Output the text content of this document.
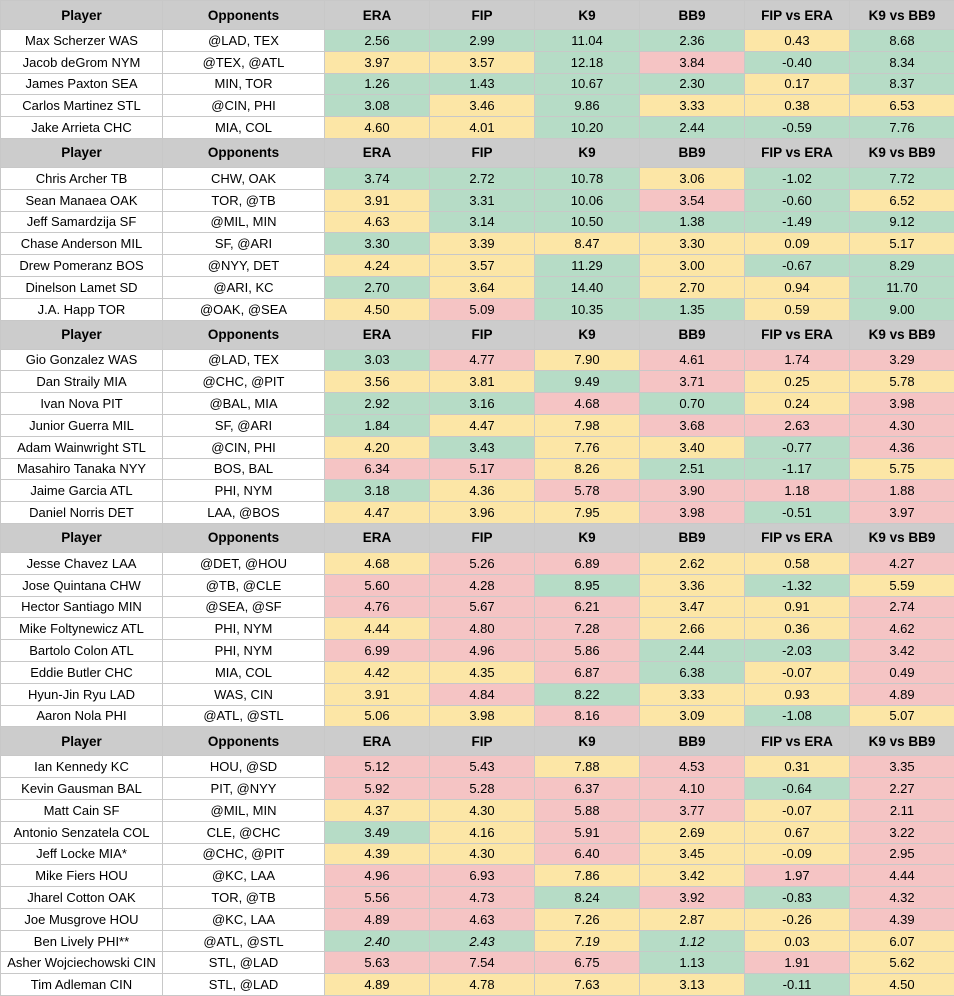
Player	Opponents	ERA	FIP	K9	BB9	FIP vs ERA	K9 vs BB9
Max Scherzer WAS	@LAD, TEX	2.56	2.99	11.04	2.36	0.43	8.68
Jacob deGrom NYM	@TEX, @ATL	3.97	3.57	12.18	3.84	-0.40	8.34
James Paxton SEA	MIN, TOR	1.26	1.43	10.67	2.30	0.17	8.37
Carlos Martinez STL	@CIN, PHI	3.08	3.46	9.86	3.33	0.38	6.53
Jake Arrieta CHC	MIA, COL	4.60	4.01	10.20	2.44	-0.59	7.76
Player	Opponents	ERA	FIP	K9	BB9	FIP vs ERA	K9 vs BB9
Chris Archer TB	CHW, OAK	3.74	2.72	10.78	3.06	-1.02	7.72
Sean Manaea OAK	TOR, @TB	3.91	3.31	10.06	3.54	-0.60	6.52
Jeff Samardzija SF	@MIL, MIN	4.63	3.14	10.50	1.38	-1.49	9.12
Chase Anderson MIL	SF, @ARI	3.30	3.39	8.47	3.30	0.09	5.17
Drew Pomeranz BOS	@NYY, DET	4.24	3.57	11.29	3.00	-0.67	8.29
Dinelson Lamet SD	@ARI, KC	2.70	3.64	14.40	2.70	0.94	11.70
J.A. Happ TOR	@OAK, @SEA	4.50	5.09	10.35	1.35	0.59	9.00
Player	Opponents	ERA	FIP	K9	BB9	FIP vs ERA	K9 vs BB9
Gio Gonzalez WAS	@LAD, TEX	3.03	4.77	7.90	4.61	1.74	3.29
Dan Straily MIA	@CHC, @PIT	3.56	3.81	9.49	3.71	0.25	5.78
Ivan Nova PIT	@BAL, MIA	2.92	3.16	4.68	0.70	0.24	3.98
Junior Guerra MIL	SF, @ARI	1.84	4.47	7.98	3.68	2.63	4.30
Adam Wainwright STL	@CIN, PHI	4.20	3.43	7.76	3.40	-0.77	4.36
Masahiro Tanaka NYY	BOS, BAL	6.34	5.17	8.26	2.51	-1.17	5.75
Jaime Garcia ATL	PHI, NYM	3.18	4.36	5.78	3.90	1.18	1.88
Daniel Norris DET	LAA, @BOS	4.47	3.96	7.95	3.98	-0.51	3.97
Player	Opponents	ERA	FIP	K9	BB9	FIP vs ERA	K9 vs BB9
Jesse Chavez LAA	@DET, @HOU	4.68	5.26	6.89	2.62	0.58	4.27
Jose Quintana CHW	@TB, @CLE	5.60	4.28	8.95	3.36	-1.32	5.59
Hector Santiago MIN	@SEA, @SF	4.76	5.67	6.21	3.47	0.91	2.74
Mike Foltynewicz ATL	PHI, NYM	4.44	4.80	7.28	2.66	0.36	4.62
Bartolo Colon ATL	PHI, NYM	6.99	4.96	5.86	2.44	-2.03	3.42
Eddie Butler CHC	MIA, COL	4.42	4.35	6.87	6.38	-0.07	0.49
Hyun-Jin Ryu LAD	WAS, CIN	3.91	4.84	8.22	3.33	0.93	4.89
Aaron Nola PHI	@ATL, @STL	5.06	3.98	8.16	3.09	-1.08	5.07
Player	Opponents	ERA	FIP	K9	BB9	FIP vs ERA	K9 vs BB9
Ian Kennedy KC	HOU, @SD	5.12	5.43	7.88	4.53	0.31	3.35
Kevin Gausman BAL	PIT, @NYY	5.92	5.28	6.37	4.10	-0.64	2.27
Matt Cain SF	@MIL, MIN	4.37	4.30	5.88	3.77	-0.07	2.11
Antonio Senzatela COL	CLE, @CHC	3.49	4.16	5.91	2.69	0.67	3.22
Jeff Locke MIA*	@CHC, @PIT	4.39	4.30	6.40	3.45	-0.09	2.95
Mike Fiers HOU	@KC, LAA	4.96	6.93	7.86	3.42	1.97	4.44
Jharel Cotton OAK	TOR, @TB	5.56	4.73	8.24	3.92	-0.83	4.32
Joe Musgrove HOU	@KC, LAA	4.89	4.63	7.26	2.87	-0.26	4.39
Ben Lively PHI**	@ATL, @STL	2.40	2.43	7.19	1.12	0.03	6.07
Asher Wojciechowski CIN	STL, @LAD	5.63	7.54	6.75	1.13	1.91	5.62
Tim Adleman CIN	STL, @LAD	4.89	4.78	7.63	3.13	-0.11	4.50
